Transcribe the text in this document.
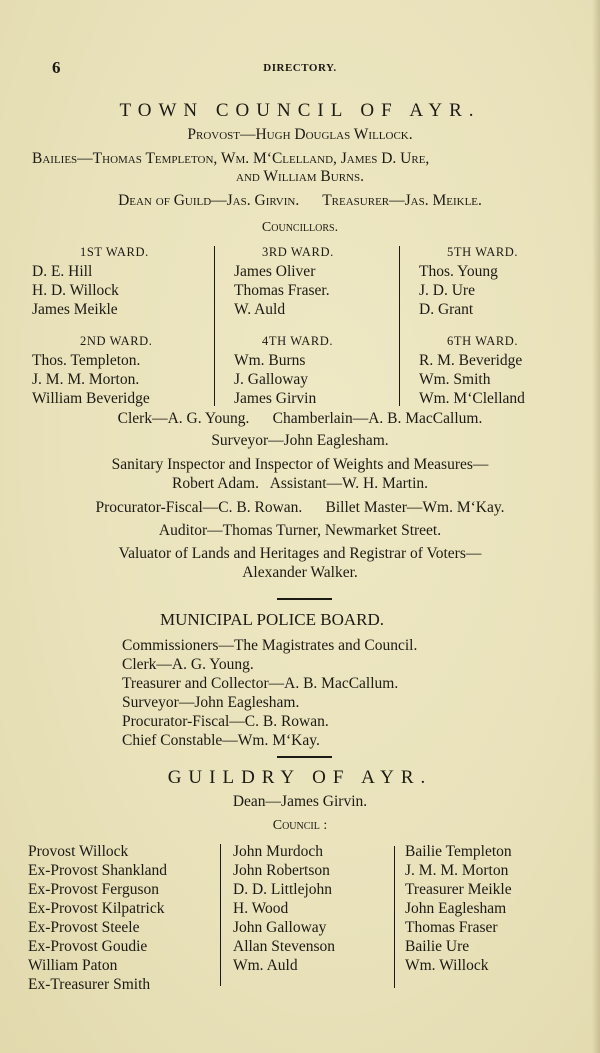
6	DIRECTORY.
TOWN COUNCIL OF AYR.
Provost—Hugh Douglas Willock.
Bailies—Thomas Templeton, Wm. M‘Clelland, James D. Ure,
and William Burns.
Dean of Guild—Jas. Girvin.      Treasurer—Jas. Meikle.
Councillors.
1ST WARD.
D. E. Hill
H. D. Willock
James Meikle
3RD WARD.
James Oliver
Thomas Fraser.
W. Auld
5TH WARD.
Thos. Young
J. D. Ure
D. Grant
2ND WARD.
Thos. Templeton.
J. M. M. Morton.
William Beveridge
4TH WARD.
Wm. Burns
J. Galloway
James Girvin
6TH WARD.
R. M. Beveridge
Wm. Smith
Wm. M‘Clelland
Clerk—A. G. Young.      Chamberlain—A. B. MacCallum.
Surveyor—John Eaglesham.
Sanitary Inspector and Inspector of Weights and Measures—
Robert Adam.   Assistant—W. H. Martin.
Procurator-Fiscal—C. B. Rowan.      Billet Master—Wm. M‘Kay.
Auditor—Thomas Turner, Newmarket Street.
Valuator of Lands and Heritages and Registrar of Voters—
Alexander Walker.
MUNICIPAL POLICE BOARD.
Commissioners—The Magistrates and Council.
Clerk—A. G. Young.
Treasurer and Collector—A. B. MacCallum.
Surveyor—John Eaglesham.
Procurator-Fiscal—C. B. Rowan.
Chief Constable—Wm. M‘Kay.
GUILDRY OF AYR.
Dean—James Girvin.
Council :
Provost Willock
Ex-Provost Shankland
Ex-Provost Ferguson
Ex-Provost Kilpatrick
Ex-Provost Steele
Ex-Provost Goudie
William Paton
Ex-Treasurer Smith
John Murdoch
John Robertson
D. D. Littlejohn
H. Wood
John Galloway
Allan Stevenson
Wm. Auld
Bailie Templeton
J. M. M. Morton
Treasurer Meikle
John Eaglesham
Thomas Fraser
Bailie Ure
Wm. Willock
